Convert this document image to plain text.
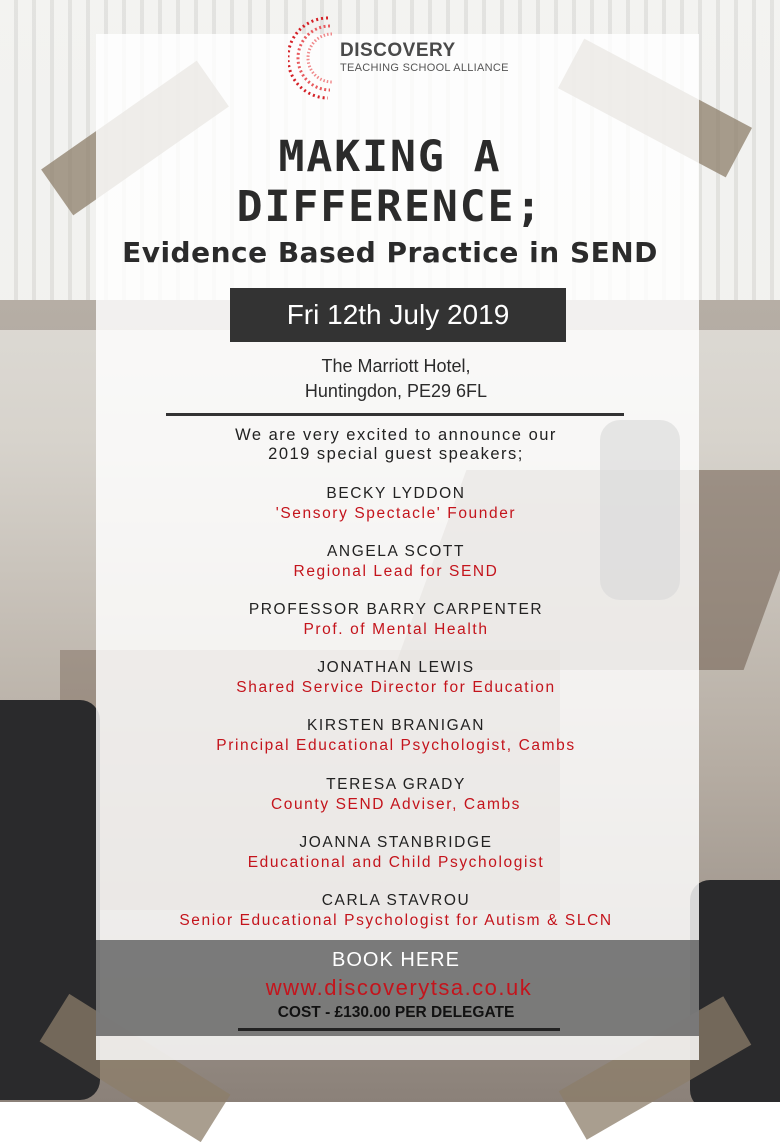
DISCOVERY
TEACHING SCHOOL ALLIANCE
MAKING A
DIFFERENCE;
Evidence Based Practice in SEND
Fri 12th July 2019
The Marriott Hotel,
Huntingdon, PE29 6FL
We are very excited to announce our
2019 special guest speakers;
BECKY LYDDON
'Sensory Spectacle' Founder
ANGELA SCOTT
Regional Lead for SEND
PROFESSOR BARRY CARPENTER
Prof. of Mental Health
JONATHAN LEWIS
Shared Service Director for Education
KIRSTEN BRANIGAN
Principal Educational Psychologist, Cambs
TERESA GRADY
County SEND Adviser, Cambs
JOANNA STANBRIDGE
Educational and Child Psychologist
CARLA STAVROU
Senior Educational Psychologist for Autism & SLCN
BOOK HERE
www.discoverytsa.co.uk
COST - £130.00 PER DELEGATE
